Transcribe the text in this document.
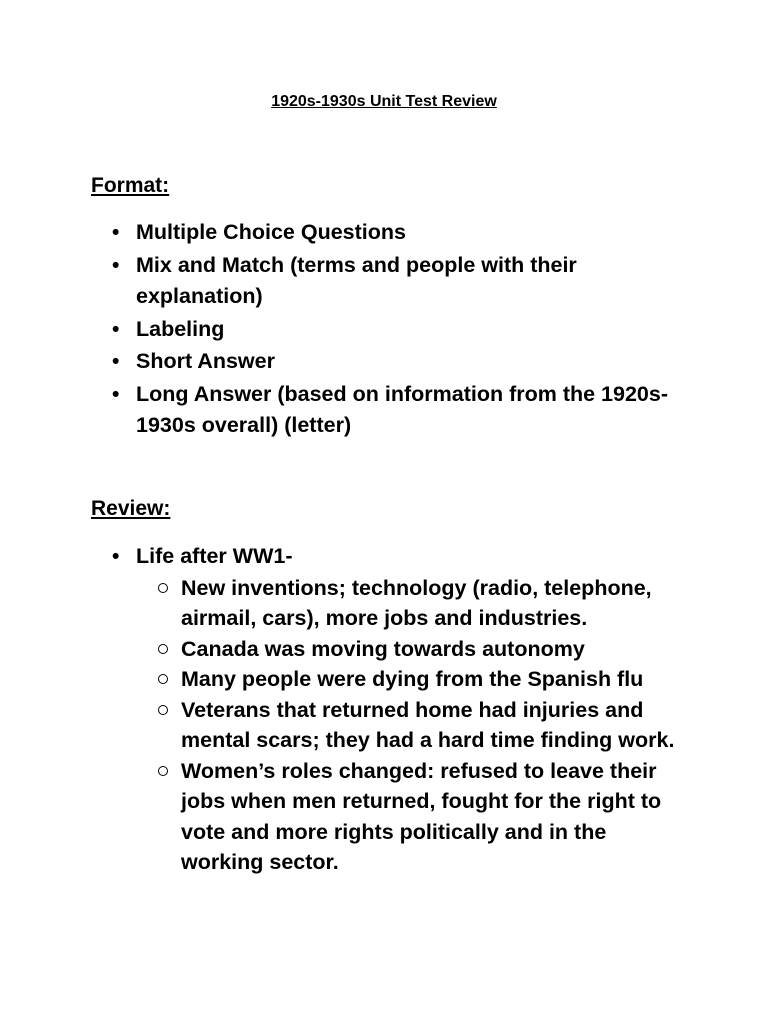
1920s-1930s Unit Test Review
Format:
• Multiple Choice Questions
• Mix and Match (terms and people with their explanation)
• Labeling
• Short Answer
• Long Answer (based on information from the 1920s-1930s overall) (letter)
Review:
• Life after WW1-
New inventions; technology (radio, telephone, airmail, cars), more jobs and industries.
Canada was moving towards autonomy
Many people were dying from the Spanish flu
Veterans that returned home had injuries and mental scars; they had a hard time finding work.
Women’s roles changed: refused to leave their jobs when men returned, fought for the right to vote and more rights politically and in the working sector.
